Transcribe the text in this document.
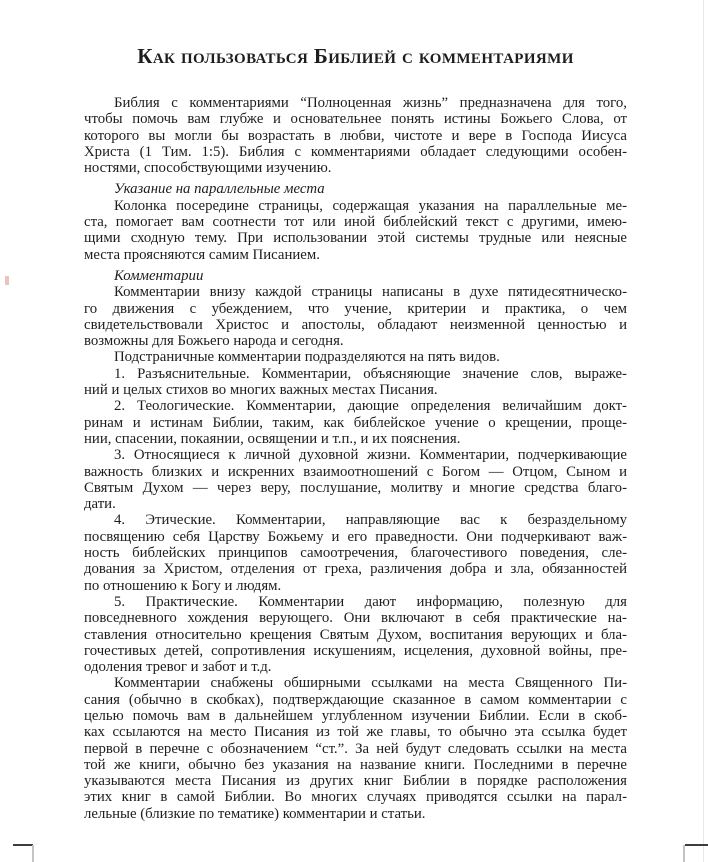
Как пользоваться Библией с комментариями
Библия с комментариями “Полноценная жизнь” предназначена для того,
чтобы помочь вам глубже и основательнее понять истины Божьего Слова, от
которого вы могли бы возрастать в любви, чистоте и вере в Господа Иисуса
Христа (1 Тим. 1:5). Библия с комментариями обладает следующими особен-
ностями, способствующими изучению.
Указание на параллельные места
Колонка посередине страницы, содержащая указания на параллельные ме-
ста, помогает вам соотнести тот или иной библейский текст с другими, имею-
щими сходную тему. При использовании этой системы трудные или неясные
места проясняются самим Писанием.
Комментарии
Комментарии внизу каждой страницы написаны в духе пятидесятническо-
го движения с убеждением, что учение, критерии и практика, о чем
свидетельствовали Христос и апостолы, обладают неизменной ценностью и
возможны для Божьего народа и сегодня.
Подстраничные комментарии подразделяются на пять видов.
1. Разъяснительные. Комментарии, объясняющие значение слов, выраже-
ний и целых стихов во многих важных местах Писания.
2. Теологические. Комментарии, дающие определения величайшим докт-
ринам и истинам Библии, таким, как библейское учение о крещении, проще-
нии, спасении, покаянии, освящении и т.п., и их пояснения.
3. Относящиеся к личной духовной жизни. Комментарии, подчеркивающие
важность близких и искренних взаимоотношений с Богом — Отцом, Сыном и
Святым Духом — через веру, послушание, молитву и многие средства благо-
дати.
4. Этические. Комментарии, направляющие вас к безраздельному
посвящению себя Царству Божьему и его праведности. Они подчеркивают важ-
ность библейских принципов самоотречения, благочестивого поведения, сле-
дования за Христом, отделения от греха, различения добра и зла, обязанностей
по отношению к Богу и людям.
5. Практические. Комментарии дают информацию, полезную для
повседневного хождения верующего. Они включают в себя практические на-
ставления относительно крещения Святым Духом, воспитания верующих и бла-
гочестивых детей, сопротивления искушениям, исцеления, духовной войны, пре-
одоления тревог и забот и т.д.
Комментарии снабжены обширными ссылками на места Священного Пи-
сания (обычно в скобках), подтверждающие сказанное в самом комментарии с
целью помочь вам в дальнейшем углубленном изучении Библии. Если в скоб-
ках ссылаются на место Писания из той же главы, то обычно эта ссылка будет
первой в перечне с обозначением “ст.”. За ней будут следовать ссылки на места
той же книги, обычно без указания на название книги. Последними в перечне
указываются места Писания из других книг Библии в порядке расположения
этих книг в самой Библии. Во многих случаях приводятся ссылки на парал-
лельные (близкие по тематике) комментарии и статьи.
